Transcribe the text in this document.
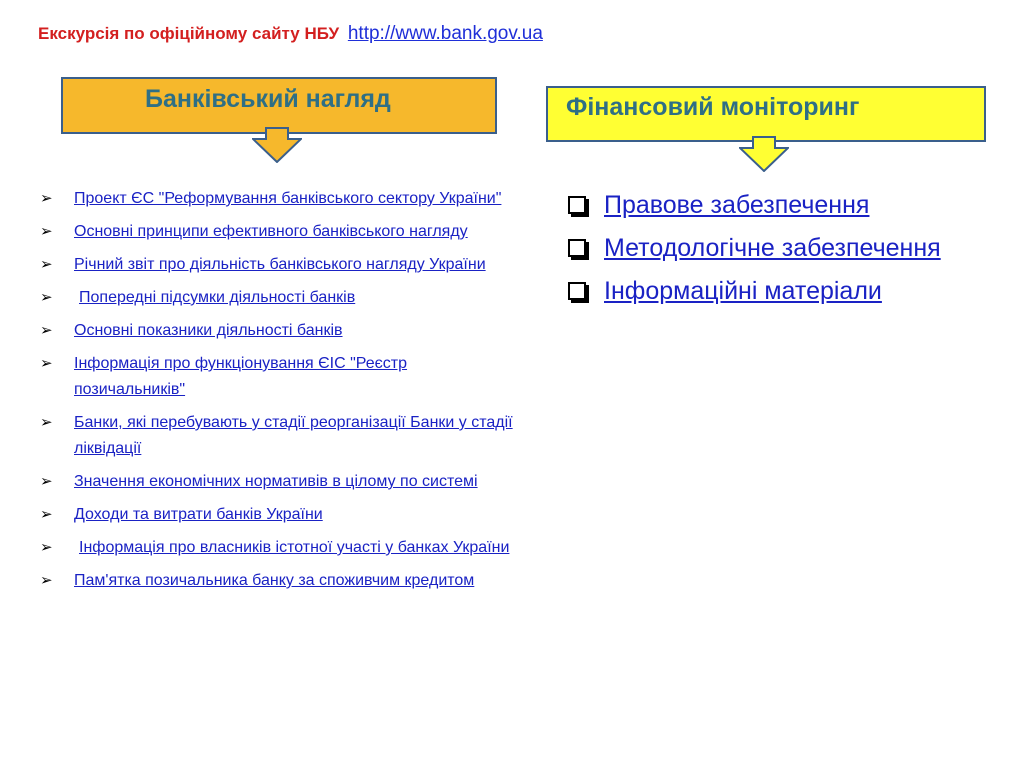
Екскурсія по офіційному сайту НБУ http://www.bank.gov.ua
Банківський нагляд	Фінансовий моніторинг
➢	Проект ЄС "Реформування банківського сектору України"
➢	Основні принципи ефективного банківського нагляду
➢	Річний звіт про діяльність банківського нагляду України
➢	Попередні підсумки діяльності банків
➢	Основні показники діяльності банків
➢	Інформація про функціонування ЄІС "Реєстр позичальників"
➢	Банки, які перебувають у стадії реорганізації Банки у стадії ліквідації
➢	Значення економічних нормативів в цілому по системі
➢	Доходи та витрати банків України
➢	Інформація про власників істотної участі у банках України
➢	Пам'ятка позичальника банку за споживчим кредитом
Правове забезпечення
Методологічне забезпечення
Інформаційні матеріали
